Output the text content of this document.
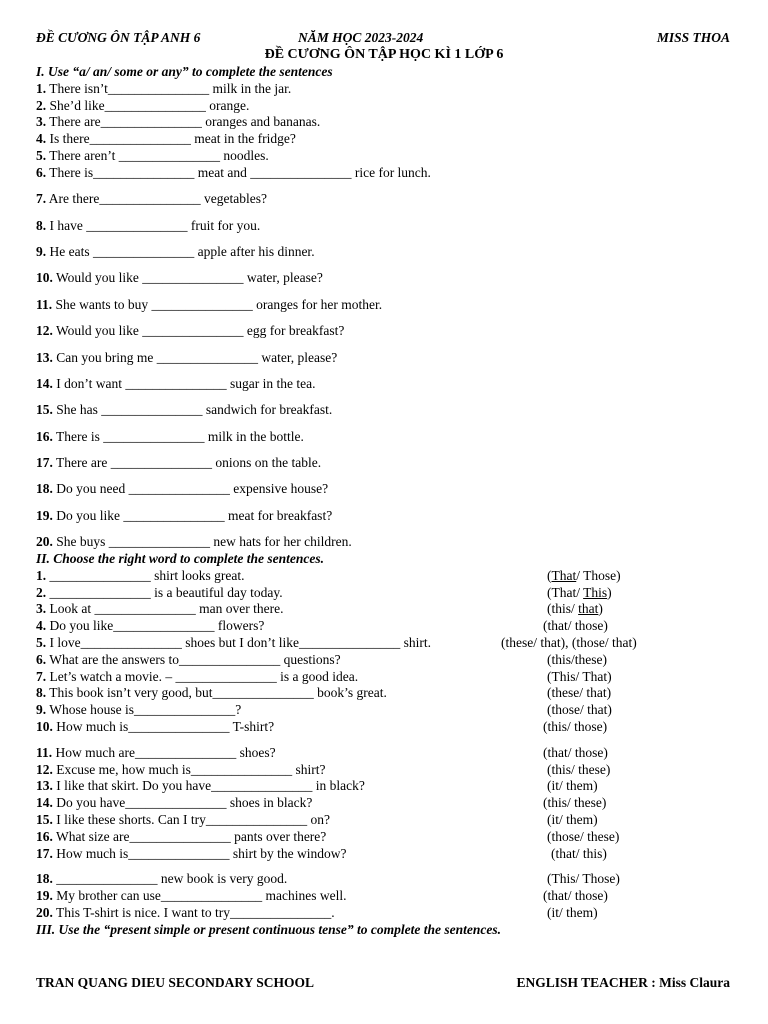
ĐỀ CƯƠNG ÔN TẬP ANH 6	NĂM HỌC 2023-2024	MISS THOA
ĐỀ CƯƠNG ÔN TẬP HỌC KÌ 1 LỚP 6
I. Use “a/ an/ some or any” to complete the sentences
1. There isn’t_______________ milk in the jar.
2. She’d like_______________ orange.
3. There are_______________ oranges and bananas.
4. Is there_______________ meat in the fridge?
5. There aren’t _______________ noodles.
6. There is_______________ meat and _______________ rice for lunch.
7. Are there_______________ vegetables?
8. I have _______________ fruit for you.
9. He eats _______________ apple after his dinner.
10. Would you like _______________ water, please?
11. She wants to buy _______________ oranges for her mother.
12. Would you like _______________ egg for breakfast?
13. Can you bring me _______________ water, please?
14. I don’t want _______________ sugar in the tea.
15. She has _______________ sandwich for breakfast.
16. There is _______________ milk in the bottle.
17. There are _______________ onions on the table.
18. Do you need _______________ expensive house?
19. Do you like _______________ meat for breakfast?
20. She buys _______________ new hats for her children.
II. Choose the right word to complete the sentences.
1. _______________ shirt looks great.	(That/ Those)
2. _______________ is a beautiful day today.	(That/ This)
3. Look at _______________ man over there.	(this/ that)
4. Do you like_______________ flowers?	(that/ those)
5. I love_______________ shoes but I don’t like_______________ shirt.	(these/ that), (those/ that)
6. What are the answers to_______________ questions?	(this/these)
7. Let’s watch a movie. – _______________ is a good idea.	(This/ That)
8. This book isn’t very good, but_______________ book’s great.	(these/ that)
9. Whose house is_______________?	(those/ that)
10. How much is_______________ T-shirt?	(this/ those)
11. How much are_______________ shoes?	(that/ those)
12. Excuse me, how much is_______________ shirt?	(this/ these)
13. I like that skirt. Do you have_______________ in black?	(it/ them)
14. Do you have_______________ shoes in black?	(this/ these)
15. I like these shorts. Can I try_______________ on?	(it/ them)
16. What size are_______________ pants over there?	(those/ these)
17. How much is_______________ shirt by the window?	(that/ this)
18. _______________ new book is very good.	(This/ Those)
19. My brother can use_______________ machines well.	(that/ those)
20. This T-shirt is nice. I want to try_______________.	(it/ them)
III. Use the “present simple or present continuous tense” to complete the sentences.
TRAN QUANG DIEU SECONDARY SCHOOL	ENGLISH TEACHER : Miss Claura
